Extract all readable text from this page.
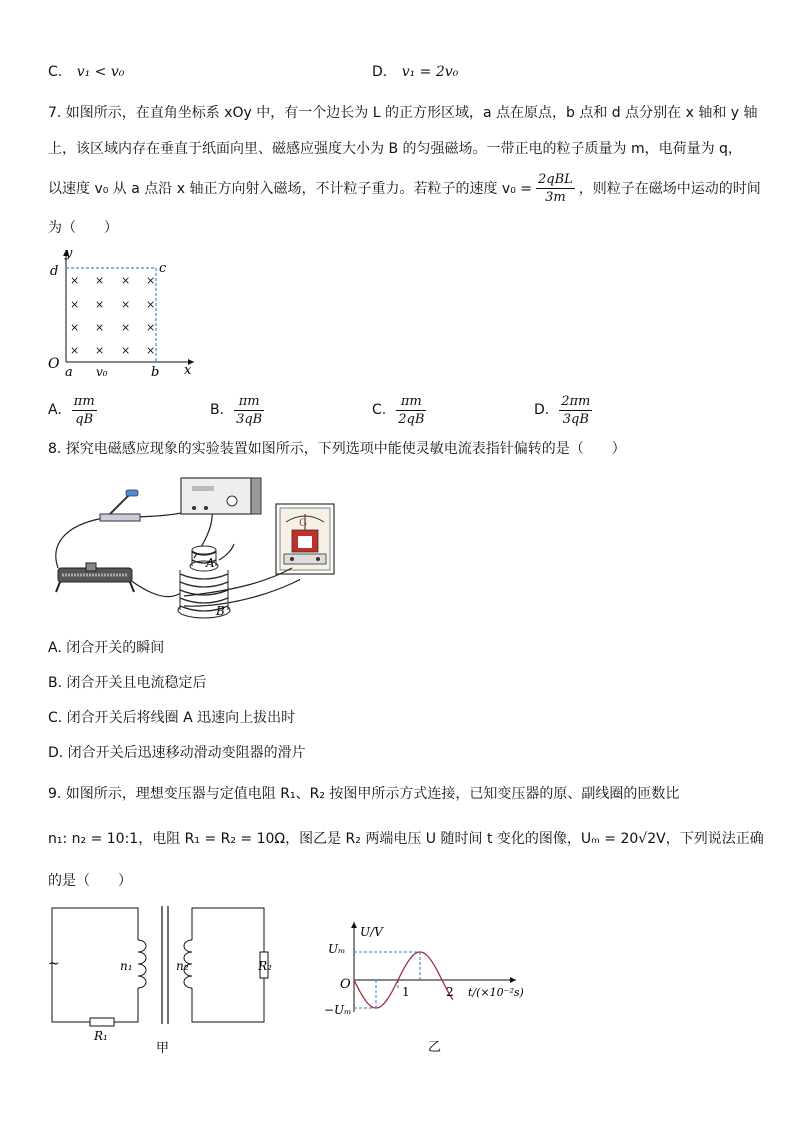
C. v₁ < v₀	D. v₁ = 2v₀
7. 如图所示，在直角坐标系 xOy 中，有一个边长为 L 的正方形区域，a 点在原点，b 点和 d 点分别在 x 轴和 y 轴
上，该区域内存在垂直于纸面向里、磁感应强度大小为 B 的匀强磁场。一带正电的粒子质量为 m，电荷量为 q，
以速度 v₀ 从 a 点沿 x 轴正方向射入磁场，不计粒子重力。若粒子的速度 $v_0 = \frac{\text{2qBL}}{3m}$ ，则粒子在磁场中运动的时间
为（　　）
× × × ×
× × × ×
× × × ×
× × × ×
y
x
O
a	b
c
d
v₀
A. $\frac{\pi m}{qB}$	B. $\frac{\pi m}{3qB}$	C. $\frac{\pi m}{2qB}$	D. $\frac{2\pi m}{3qB}$
8. 探究电磁感应现象的实验装置如图所示，下列选项中能使灵敏电流表指针偏转的是（　　）
A
B
G
A. 闭合开关的瞬间
B. 闭合开关且电流稳定后
C. 闭合开关后将线圈 A 迅速向上拔出时
D. 闭合开关后迅速移动滑动变阻器的滑片
9. 如图所示，理想变压器与定值电阻 R₁、R₂ 按图甲所示方式连接，已知变压器的原、副线圈的匝数比
n₁: n₂ = 10:1，电阻 R₁ = R₂ = 10Ω，图乙是 R₂ 两端电压 U 随时间 t 变化的图像，Uₘ = 20√2V，下列说法正确
的是（　　）
~	n₁	n₂
R₁
R₂
甲
U/V
Uₘ
−Uₘ
O	1	2 t/(×10⁻²s)
乙
